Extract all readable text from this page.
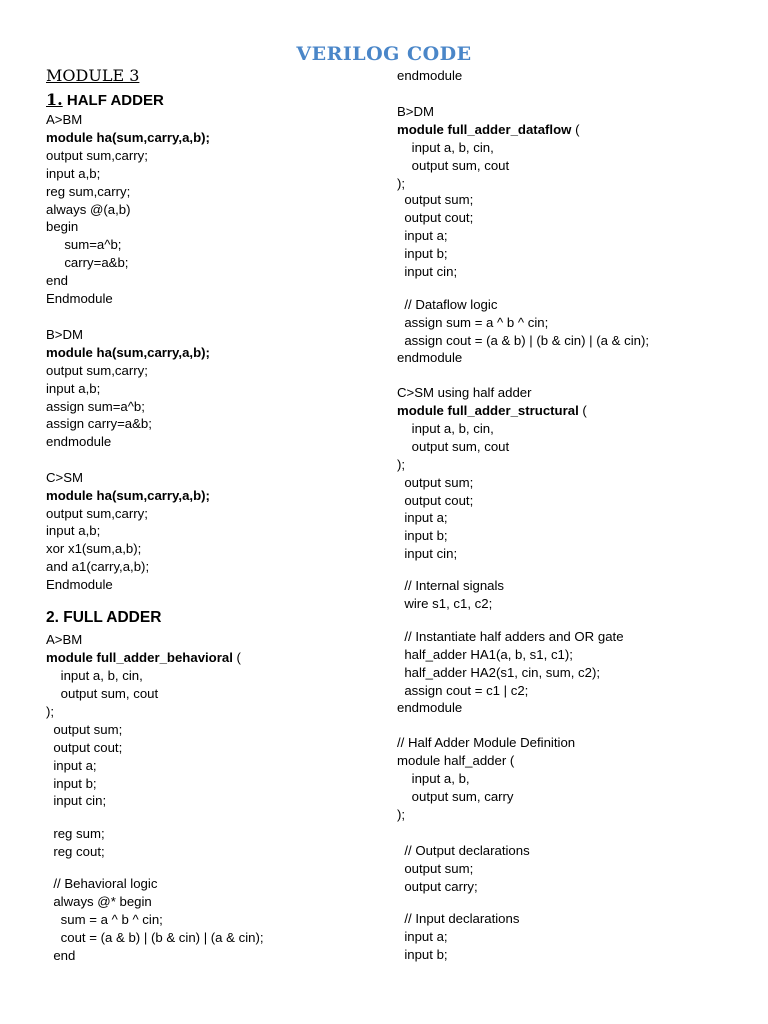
VERILOG CODE
MODULE 3
1. HALF ADDER
A>BM
module ha(sum,carry,a,b);
output sum,carry;
input a,b;
reg sum,carry;
always @(a,b)
begin
sum=a^b;
carry=a&b;
end
Endmodule
B>DM
module ha(sum,carry,a,b);
output sum,carry;
input a,b;
assign sum=a^b;
assign carry=a&b;
endmodule
C>SM
module ha(sum,carry,a,b);
output sum,carry;
input a,b;
xor x1(sum,a,b);
and a1(carry,a,b);
Endmodule
2. FULL ADDER
A>BM
module full_adder_behavioral (
input a, b, cin,
output sum, cout
);
output sum;
output cout;
input a;
input b;
input cin;
reg sum;
reg cout;
// Behavioral logic
always @* begin
sum = a ^ b ^ cin;
cout = (a & b) | (b & cin) | (a & cin);
end
endmodule
B>DM
module full_adder_dataflow (
input a, b, cin,
output sum, cout
);
output sum;
output cout;
input a;
input b;
input cin;
// Dataflow logic
assign sum = a ^ b ^ cin;
assign cout = (a & b) | (b & cin) | (a & cin);
endmodule
C>SM using half adder
module full_adder_structural (
input a, b, cin,
output sum, cout
);
output sum;
output cout;
input a;
input b;
input cin;
// Internal signals
wire s1, c1, c2;
// Instantiate half adders and OR gate
half_adder HA1(a, b, s1, c1);
half_adder HA2(s1, cin, sum, c2);
assign cout = c1 | c2;
endmodule
// Half Adder Module Definition
module half_adder (
input a, b,
output sum, carry
);
// Output declarations
output sum;
output carry;
// Input declarations
input a;
input b;
